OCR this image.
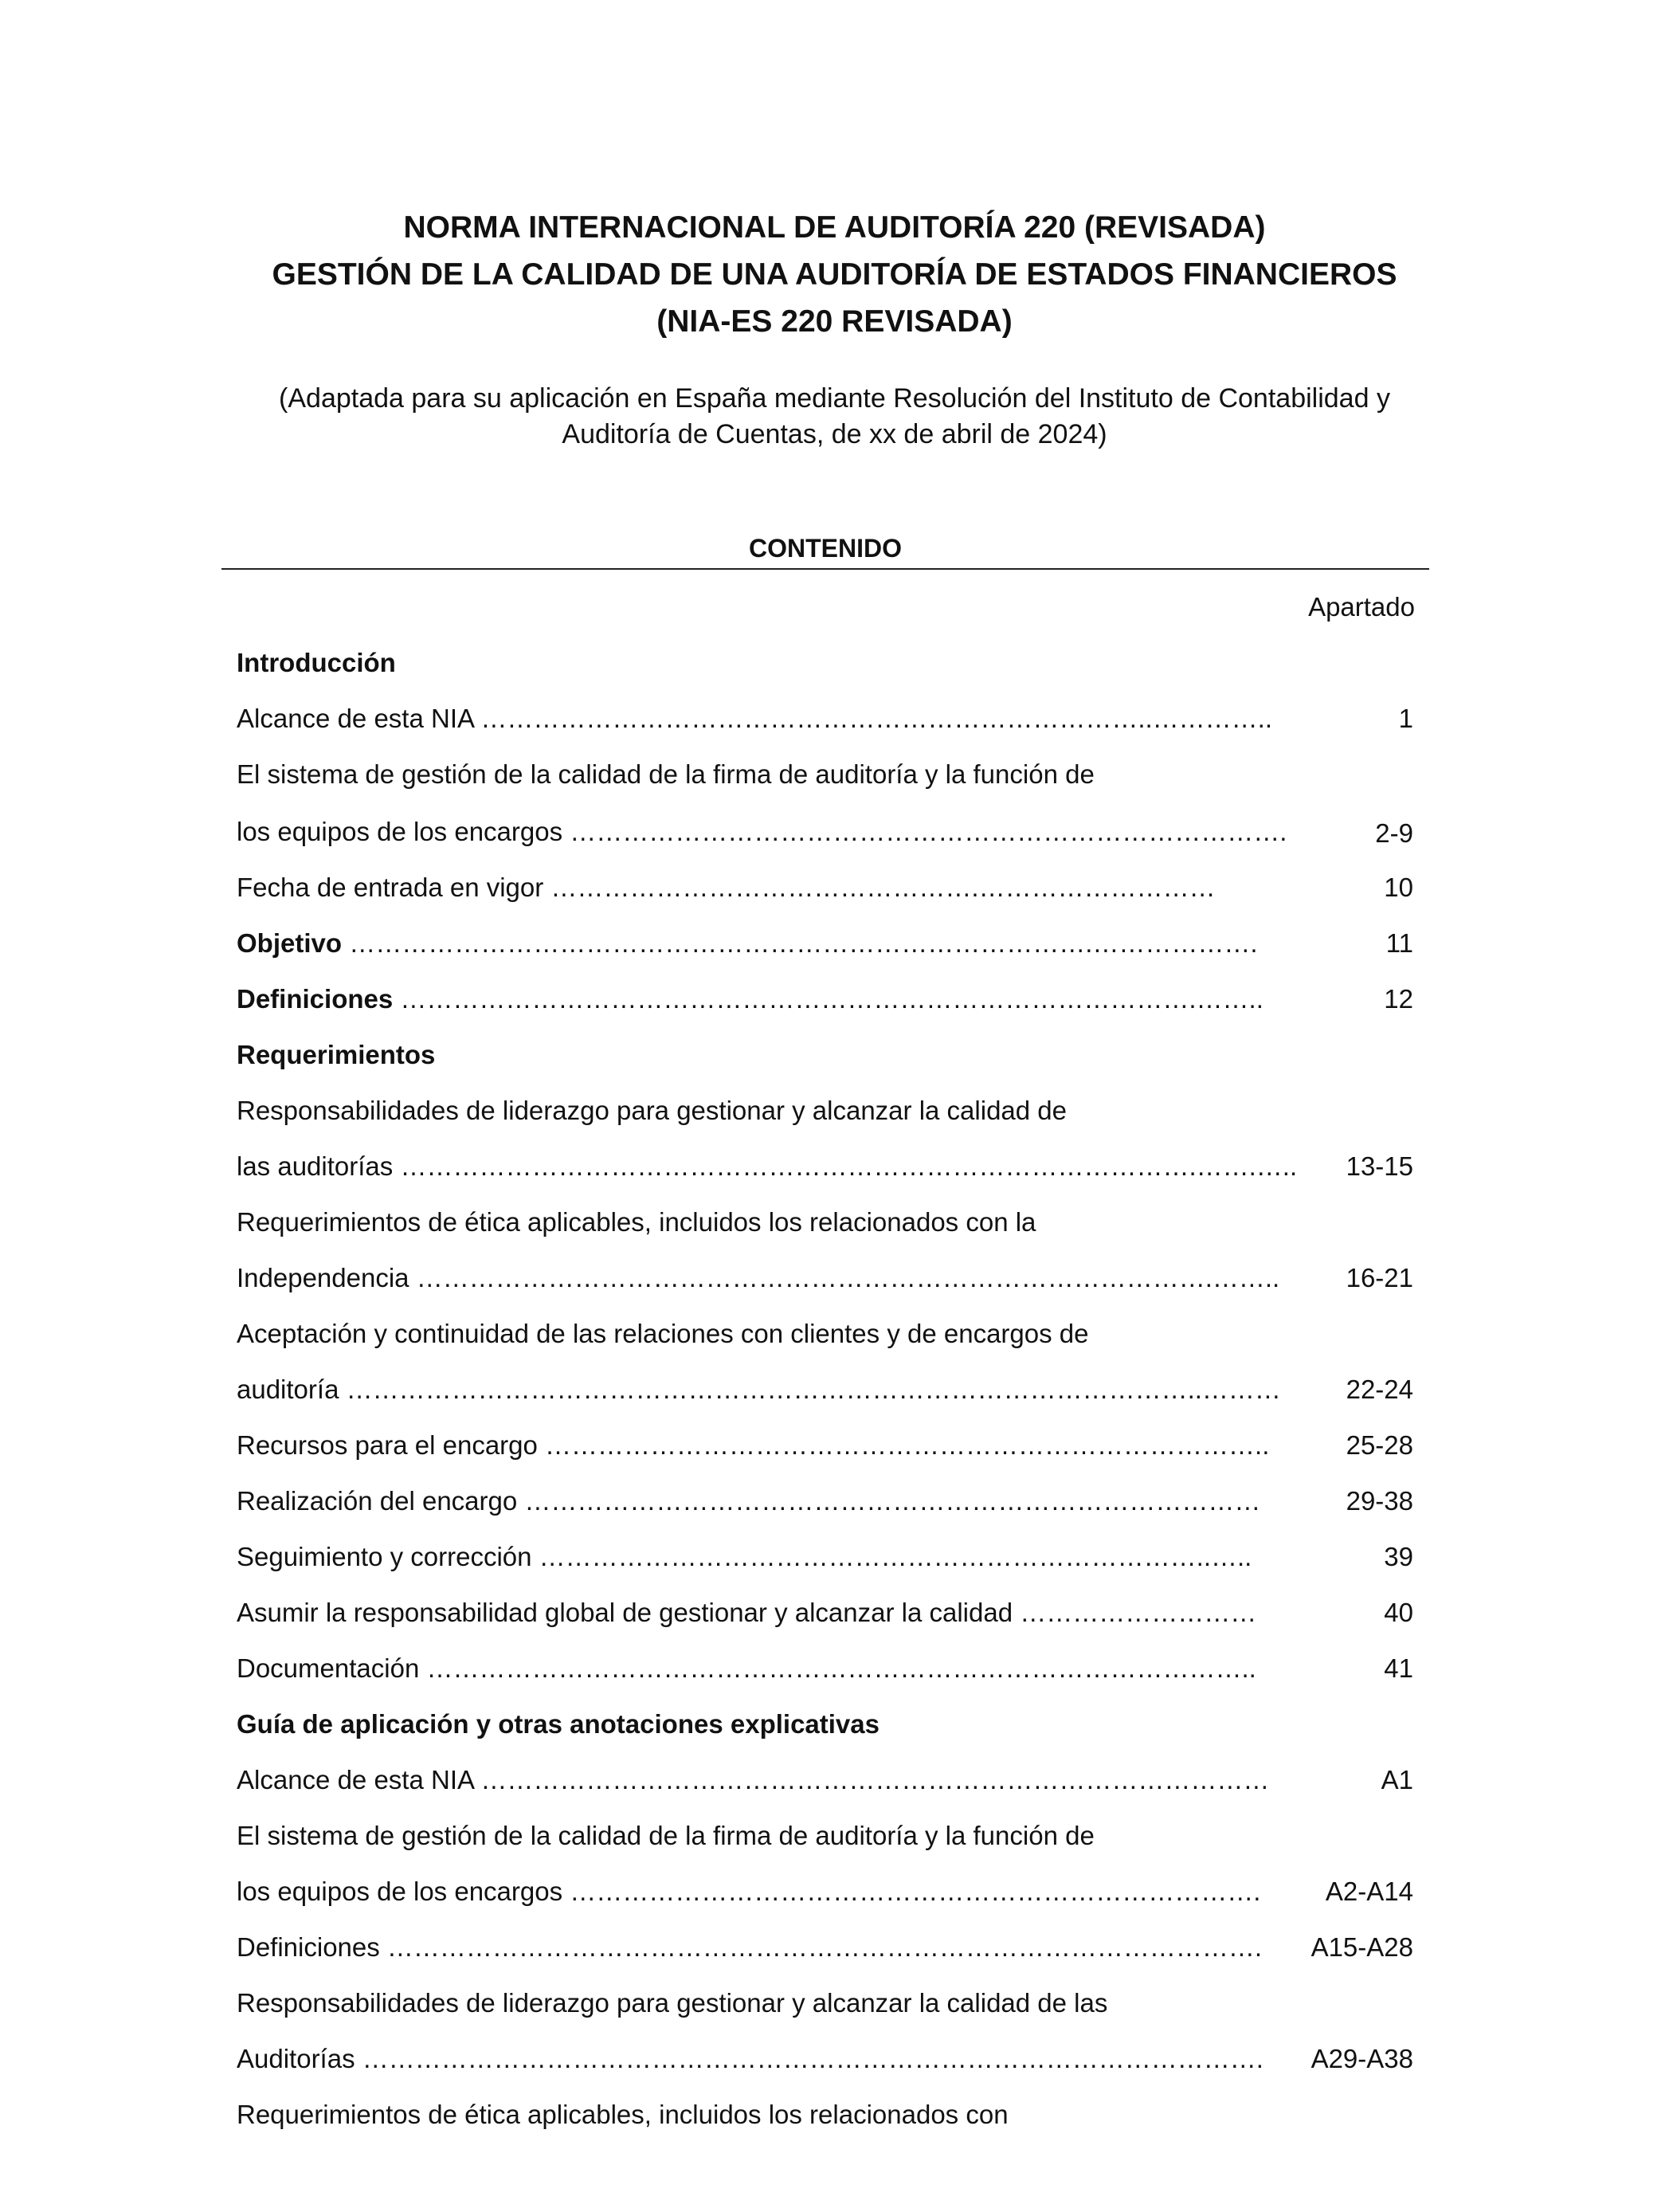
NORMA INTERNACIONAL DE AUDITORÍA 220 (REVISADA)
GESTIÓN DE LA CALIDAD DE UNA AUDITORÍA DE ESTADOS FINANCIEROS
(NIA-ES 220 REVISADA)
(Adaptada para su aplicación en España mediante Resolución del Instituto de Contabilidad y
Auditoría de Cuentas, de xx de abril de 2024)
CONTENIDO
Apartado
Introducción
Alcance de esta NIA …………………………………………………………………..…………..	1
El sistema de gestión de la calidad de la firma de auditoría y la función de
los equipos de los encargos ……………………………………………………………………….	2-9
Fecha de entrada en vigor ………………………………………….………………………	10
Objetivo ………………………………………………………………………….……………….	11
Definiciones ……………………………………………………………………………….……..	12
Requerimientos
Responsabilidades de liderazgo para gestionar y alcanzar la calidad de
las auditorías ……………………………………………………………………………….…….….. 13-15
Requerimientos de ética aplicables, incluidos los relacionados con la
Independencia ……………………………………………………………………………….……..	16-21
Aceptación y continuidad de las relaciones con clientes y de encargos de
auditoría ……………………………………………………………………………………..……… 22-24
Recursos para el encargo ………………………………………………………………………..	25-28
Realización del encargo …………………………………………………………………………	29-38
Seguimiento y corrección …………………………………………………………………..…..	39
Asumir la responsabilidad global de gestionar y alcanzar la calidad ………………………	40
Documentación …………………………………………………………………………………..	41
Guía de aplicación y otras anotaciones explicativas
Alcance de esta NIA ………………………………………………………………………………	A1
El sistema de gestión de la calidad de la firma de auditoría y la función de
los equipos de los encargos ……………………………………………………………………. A2-A14
Definiciones ………………………………………………………………………………………. A15-A28
Responsabilidades de liderazgo para gestionar y alcanzar la calidad de las
Auditorías …………………………………………………………………………………………. A29-A38
Requerimientos de ética aplicables, incluidos los relacionados con
